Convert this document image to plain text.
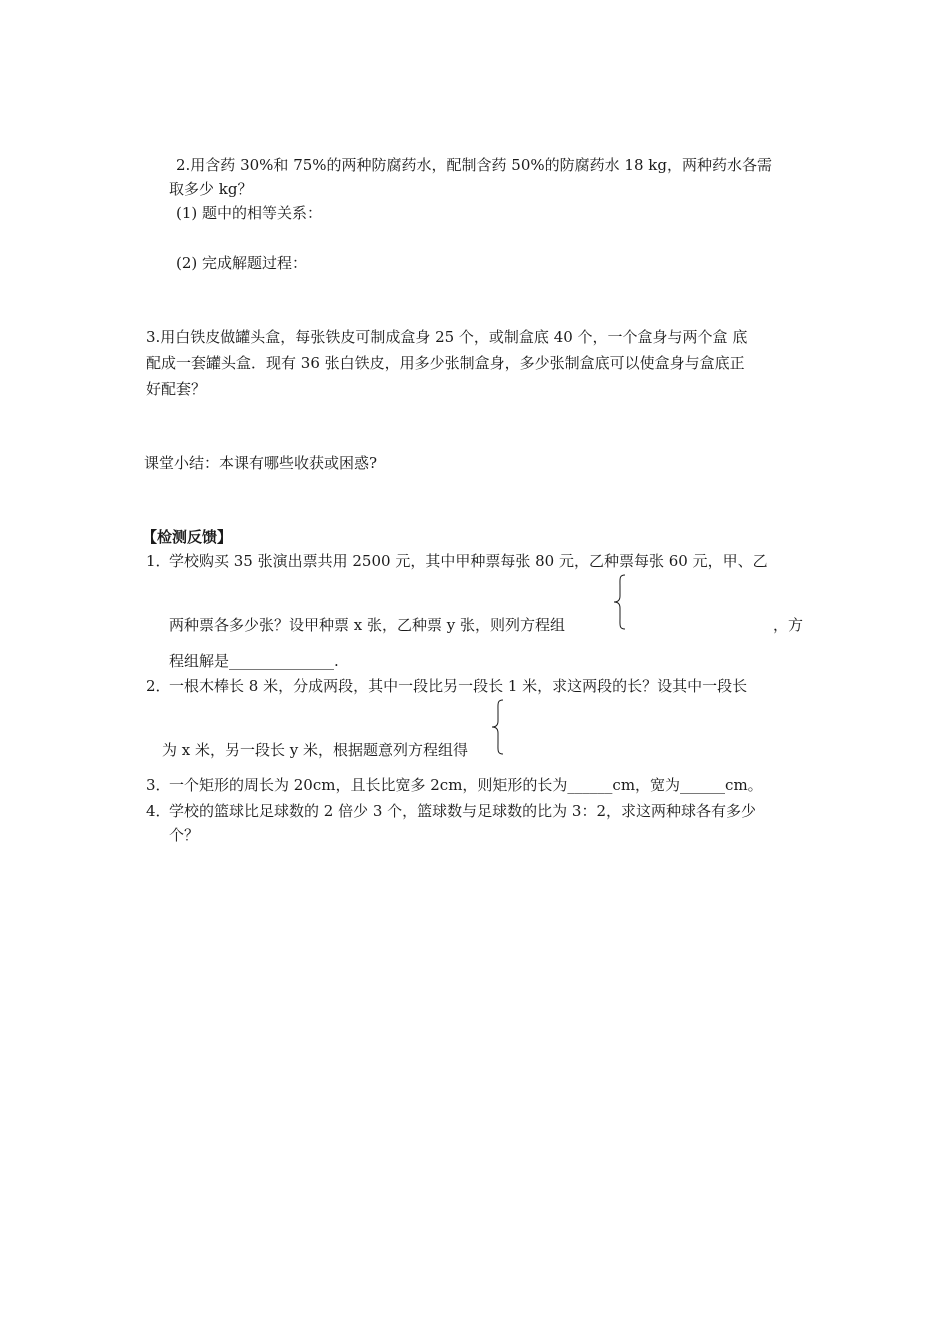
2.用含药 30%和 75%的两种防腐药水，配制含药 50%的防腐药水 18 kg，两种药水各需
取多少 kg？
(1) 题中的相等关系：
(2) 完成解题过程：
3.用白铁皮做罐头盒，每张铁皮可制成盒身 25 个，或制盒底 40 个，一个盒身与两个盒 底
配成一套罐头盒．现有 36 张白铁皮，用多少张制盒身，多少张制盒底可以使盒身与盒底正
好配套？
课堂小结：本课有哪些收获或困惑?
【检测反馈】
1．
学校购买 35 张演出票共用 2500 元，其中甲种票每张 80 元，乙种票每张 60 元，甲、乙
两种票各多少张？设甲种票 x 张，乙种票 y 张，则列方程组	，方
程组解是______________.
2．
一根木棒长 8 米，分成两段，其中一段比另一段长 1 米，求这两段的长？设其中一段长
为 x 米，另一段长 y 米，根据题意列方程组得
3．
一个矩形的周长为 20cm，且长比宽多 2cm，则矩形的长为______cm，宽为______cm。
4．
学校的篮球比足球数的 2 倍少 3 个，篮球数与足球数的比为 3：2，求这两种球各有多少
个？
